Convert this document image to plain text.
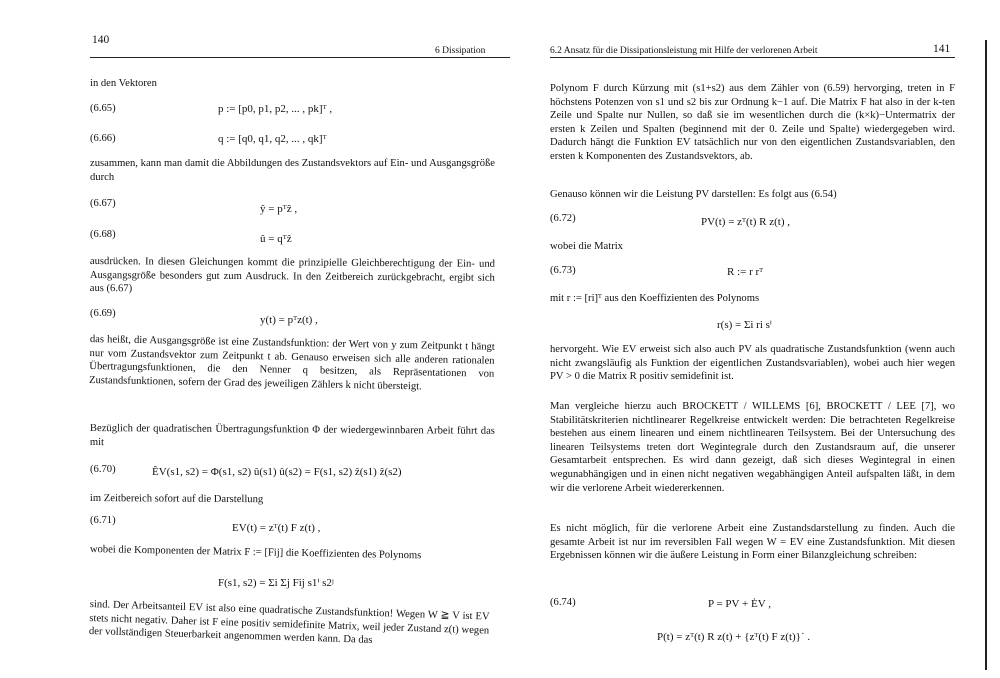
140
6 Dissipation
in den Vektoren
(6.65)	p := [p0, p1, p2, ... , pk]ᵀ ,
(6.66)	q := [q0, q1, q2, ... , qk]ᵀ
zusammen, kann man damit die Abbildungen des Zustandsvektors auf Ein- und Ausgangsgröße durch
(6.67)	ŷ = pᵀẑ ,
(6.68)	û = qᵀẑ
ausdrücken. In diesen Gleichungen kommt die prinzipielle Gleichberechtigung der Ein- und Ausgangsgröße besonders gut zum Ausdruck. In den Zeitbereich zurückgebracht, ergibt sich aus (6.67)
(6.69)
y(t) = pᵀz(t) ,
das heißt, die Ausgangsgröße ist eine Zustandsfunktion: der Wert von y zum Zeitpunkt t hängt nur vom Zustandsvektor zum Zeitpunkt t ab. Genauso erweisen sich alle anderen rationalen Übertragungsfunktionen, die den Nenner q besitzen, als Repräsentationen von Zustandsfunktionen, sofern der Grad des jeweiligen Zählers k nicht übersteigt.
Bezüglich der quadratischen Übertragungsfunktion Φ der wiedergewinnbaren Arbeit führt das mit
(6.70)	ÊV(s1, s2) = Φ(s1, s2) û(s1) û(s2) = F(s1, s2) ẑ(s1) ẑ(s2)
im Zeitbereich sofort auf die Darstellung
(6.71)
EV(t) = zᵀ(t) F z(t) ,
wobei die Komponenten der Matrix F := [Fij] die Koeffizienten des Polynoms
F(s1, s2) = Σi Σj Fij s1ⁱ s2ʲ
sind. Der Arbeitsanteil EV ist also eine quadratische Zustandsfunktion! Wegen W ≧ V ist EV stets nicht negativ. Daher ist F eine positiv semidefinite Matrix, weil jeder Zustand z(t) wegen der vollständigen Steuerbarkeit angenommen werden kann. Da das
6.2 Ansatz für die Dissipationsleistung mit Hilfe der verlorenen Arbeit	141
Polynom F durch Kürzung mit (s1+s2) aus dem Zähler von (6.59) hervorging, treten in F höchstens Potenzen von s1 und s2 bis zur Ordnung k−1 auf. Die Matrix F hat also in der k-ten Zeile und Spalte nur Nullen, so daß sie im wesentlichen durch die (k×k)−Untermatrix der ersten k Zeilen und Spalten (beginnend mit der 0. Zeile und Spalte) wiedergegeben wird. Dadurch hängt die Funktion EV tatsächlich nur von den eigentlichen Zustandsvariablen, den ersten k Komponenten des Zustandsvektors, ab.
Genauso können wir die Leistung PV darstellen: Es folgt aus (6.54)
(6.72)	PV(t) = zᵀ(t) R z(t) ,
wobei die Matrix
(6.73)	R := r rᵀ
mit r := [ri]ᵀ aus den Koeffizienten des Polynoms
r(s) = Σi ri sⁱ
hervorgeht. Wie EV erweist sich also auch PV als quadratische Zustandsfunktion (wenn auch nicht zwangsläufig als Funktion der eigentlichen Zustandsvariablen), wobei auch hier wegen PV > 0 die Matrix R positiv semidefinit ist.
Man vergleiche hierzu auch BROCKETT / WILLEMS [6], BROCKETT / LEE [7], wo Stabilitätskriterien nichtlinearer Regelkreise entwickelt werden: Die betrachteten Regelkreise bestehen aus einem linearen und einem nichtlinearen Teilsystem. Bei der Untersuchung des linearen Teilsystems treten dort Wegintegrale durch den Zustandsraum auf, die unserer Gesamtarbeit entsprechen. Es wird dann gezeigt, daß sich dieses Wegintegral in einen wegunabhängigen und in einen nicht negativen wegabhängigen Anteil aufspalten läßt, in dem wir die verlorene Arbeit wiedererkennen.
Es nicht möglich, für die verlorene Arbeit eine Zustandsdarstellung zu finden. Auch die gesamte Arbeit ist nur im reversiblen Fall wegen W = EV eine Zustandsfunktion. Mit diesen Ergebnissen können wir die äußere Leistung in Form einer Bilanzgleichung schreiben:
(6.74)	P = PV + ĖV ,
P(t) = zᵀ(t) R z(t) + {zᵀ(t) F z(t)}˙ .
